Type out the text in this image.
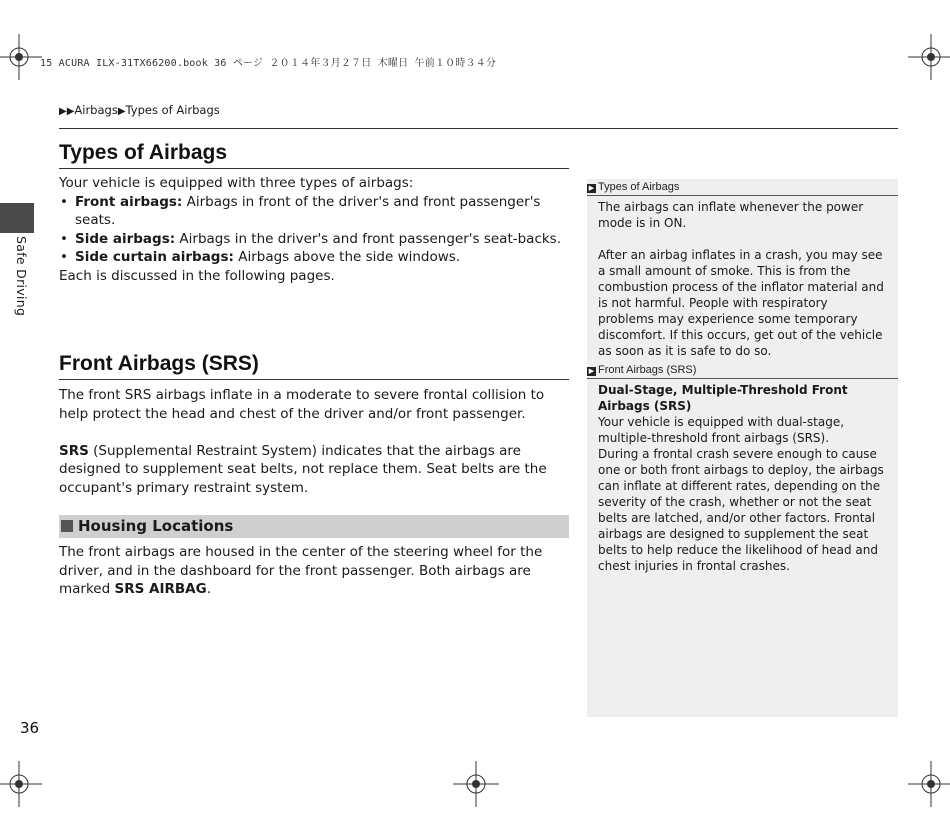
15 ACURA ILX-31TX66200.book 36 ページ ２０１４年３月２７日 木曜日 午前１０時３４分
▶▶Airbags▶Types of Airbags
Safe Driving
Types of Airbags
Your vehicle is equipped with three types of airbags:
• Front airbags: Airbags in front of the driver's and front passenger's seats.
• Side airbags: Airbags in the driver's and front passenger's seat-backs.
• Side curtain airbags: Airbags above the side windows.
Each is discussed in the following pages.
Front Airbags (SRS)
The front SRS airbags inflate in a moderate to severe frontal collision to help protect the head and chest of the driver and/or front passenger.
SRS (Supplemental Restraint System) indicates that the airbags are designed to supplement seat belts, not replace them. Seat belts are the occupant's primary restraint system.
Housing Locations
The front airbags are housed in the center of the steering wheel for the driver, and in the dashboard for the front passenger. Both airbags are marked SRS AIRBAG.
▶ Types of Airbags
The airbags can inflate whenever the power mode is in ON.
After an airbag inflates in a crash, you may see a small amount of smoke. This is from the combustion process of the inflator material and is not harmful. People with respiratory problems may experience some temporary discomfort. If this occurs, get out of the vehicle as soon as it is safe to do so.
▶ Front Airbags (SRS)
Dual-Stage, Multiple-Threshold Front Airbags (SRS)
Your vehicle is equipped with dual-stage, multiple-threshold front airbags (SRS).
During a frontal crash severe enough to cause one or both front airbags to deploy, the airbags can inflate at different rates, depending on the severity of the crash, whether or not the seat belts are latched, and/or other factors. Frontal airbags are designed to supplement the seat belts to help reduce the likelihood of head and chest injuries in frontal crashes.
36
